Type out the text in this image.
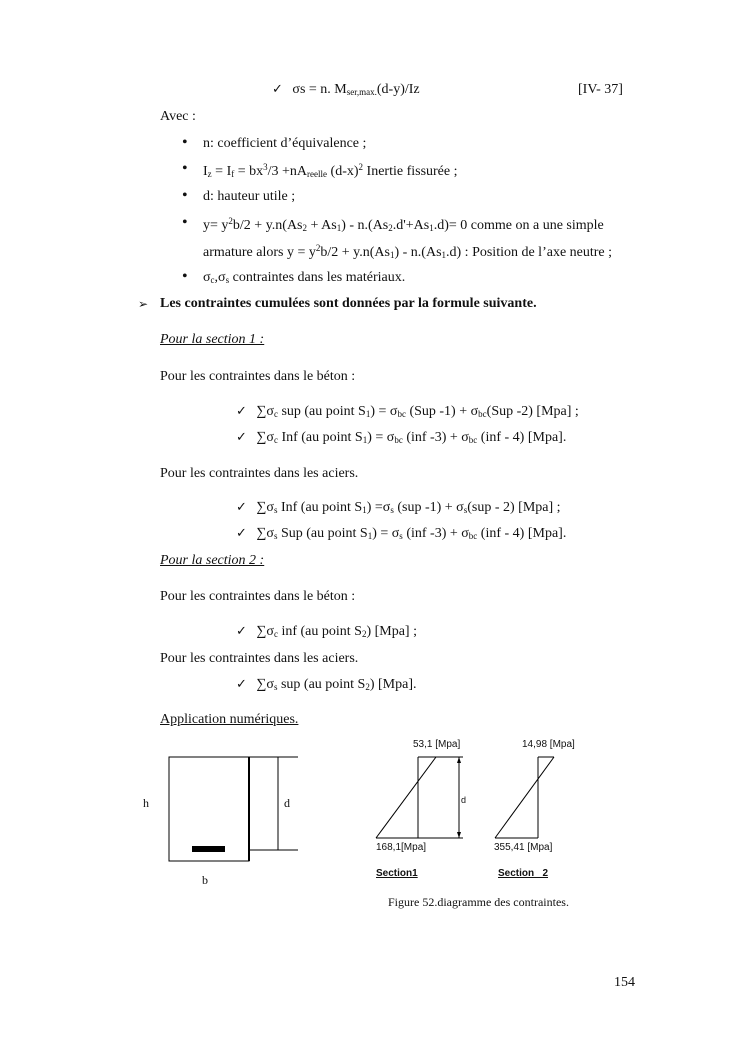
✓ σs = n. $M_{ser,max.}(d-y)/Iz$	[IV- 37]
Avec :
• n: coefficient d’équivalence ;
• $I_z = I_f = bx^3/3 +nA_{reelle}$ $(d-x)^2$ Inertie fissurée ;
• d: hauteur utile ;
• $y= y^2b/2 + y.n(As_2 + As_1) - n.(As_2.d'+As_1.d)= 0$ comme on a une simple
armature alors $y = y^2b/2 + y.n(As_1) - n.(As_1.d)$ : Position de l’axe neutre ;
• $\sigma_c,\sigma_s$ contraintes dans les matériaux.
➢ Les contraintes cumulées sont données par la formule suivante.
Pour la section 1 :
Pour les contraintes dans le béton :
✓ $\sum\sigma_c$ sup (au point $S_1) = \sigma_{bc}$ (Sup $-1) + \sigma_{bc}(Sup$ -2) [Mpa] ;
✓ $\sum\sigma_c$ Inf (au point $S_1) = \sigma_{bc}$ (inf $-3) + \sigma_{bc}$ (inf - 4) [Mpa].
Pour les contraintes dans les aciers.
✓ $\sum\sigma_s$ Inf (au point $S_1) =\sigma_s$ (sup $-1) + \sigma_s(sup - 2)$ [Mpa] ;
✓ $\sum\sigma_s$ Sup (au point $S_1) = \sigma_s$ (inf $-3) + \sigma_{bc}$ (inf - 4) [Mpa].
Pour la section 2 :
Pour les contraintes dans le béton :
✓ $\sum\sigma_c$ inf (au point $S_2$) [Mpa] ;
Pour les contraintes dans les aciers.
✓ $\sum\sigma_s$ sup (au point $S_2$) [Mpa].
Application numériques.
h	d
b
53,1 [Mpa]
168,1[Mpa]
d
Section1
14,98 [Mpa]
355,41 [Mpa]
Section   2
Figure 52.diagramme des contraintes.
154
